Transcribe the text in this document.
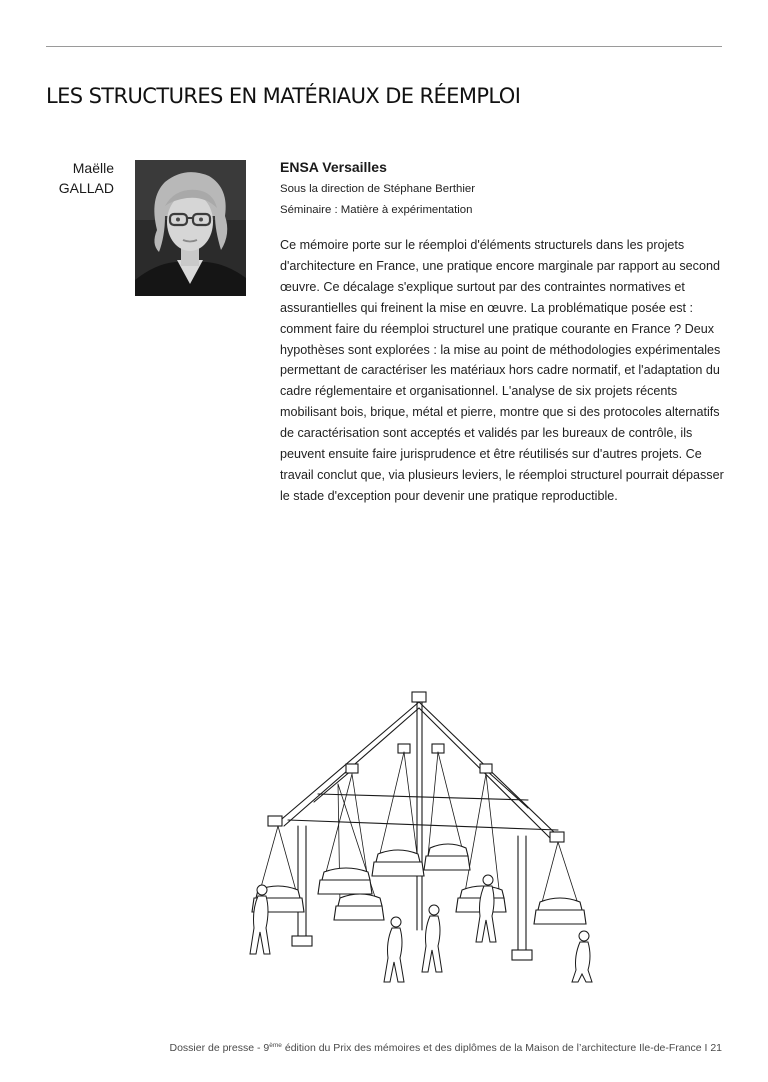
LES STRUCTURES EN MATÉRIAUX DE RÉEMPLOI
Maëlle
GALLAD
ENSA Versailles
Sous la direction de Stéphane Berthier
Séminaire : Matière à expérimentation

Ce mémoire porte sur le réemploi d'éléments structurels dans les projets d'architecture en France, une pratique encore marginale par rapport au second œuvre. Ce décalage s'explique surtout par des contraintes normatives et assurantielles qui freinent la mise en œuvre. La problématique posée est : comment faire du réemploi structurel une pratique courante en France ? Deux hypothèses sont explorées : la mise au point de méthodologies expérimentales permettant de caractériser les matériaux hors cadre normatif, et l'adaptation du cadre réglementaire et organisationnel. L'analyse de six projets récents mobilisant bois, brique, métal et pierre, montre que si des protocoles alternatifs de caractérisation sont acceptés et validés par les bureaux de contrôle, ils peuvent ensuite faire jurisprudence et être réutilisés sur d'autres projets. Ce travail conclut que, via plusieurs leviers, le réemploi structurel pourrait dépasser le stade d'exception pour devenir une pratique reproductible.

Dossier de presse - 9ème édition du Prix des mémoires et des diplômes de la Maison de l’architecture Ile-de-France I 21
